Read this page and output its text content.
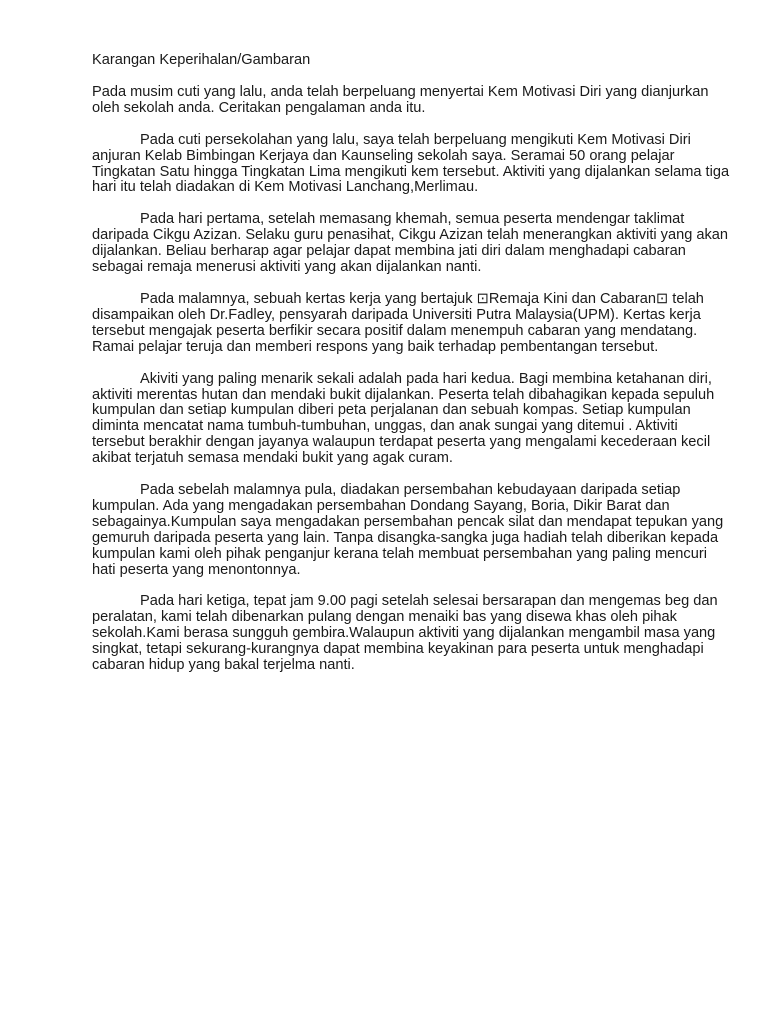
Karangan Keperihalan/Gambaran

Pada musim cuti yang lalu, anda telah berpeluang menyertai Kem Motivasi Diri yang dianjurkan oleh sekolah anda. Ceritakan pengalaman anda itu.

Pada cuti persekolahan yang lalu, saya telah berpeluang mengikuti Kem Motivasi Diri anjuran Kelab Bimbingan Kerjaya dan Kaunseling sekolah saya. Seramai 50 orang pelajar Tingkatan Satu hingga Tingkatan Lima mengikuti kem tersebut. Aktiviti yang dijalankan selama tiga hari itu telah diadakan di Kem Motivasi Lanchang,Merlimau.

Pada hari pertama, setelah memasang khemah, semua peserta mendengar taklimat daripada Cikgu Azizan. Selaku guru penasihat, Cikgu Azizan telah menerangkan aktiviti yang akan dijalankan. Beliau berharap agar pelajar dapat membina jati diri dalam menghadapi cabaran sebagai remaja menerusi aktiviti yang akan dijalankan nanti.

Pada malamnya, sebuah kertas kerja yang bertajuk ⊡Remaja Kini dan Cabaran⊡ telah disampaikan oleh Dr.Fadley, pensyarah daripada Universiti Putra Malaysia(UPM). Kertas kerja tersebut mengajak peserta berfikir secara positif dalam menempuh cabaran yang mendatang. Ramai pelajar teruja dan memberi respons yang baik terhadap pembentangan tersebut.

Akiviti yang paling menarik sekali adalah pada hari kedua. Bagi membina ketahanan diri, aktiviti merentas hutan dan mendaki bukit dijalankan. Peserta telah dibahagikan kepada sepuluh kumpulan dan setiap kumpulan diberi peta perjalanan dan sebuah kompas. Setiap kumpulan diminta mencatat nama tumbuh-tumbuhan, unggas, dan anak sungai yang ditemui . Aktiviti tersebut berakhir dengan jayanya walaupun terdapat peserta yang mengalami kecederaan kecil akibat terjatuh semasa mendaki bukit yang agak curam.

Pada sebelah malamnya pula, diadakan persembahan kebudayaan daripada setiap kumpulan. Ada yang mengadakan persembahan Dondang Sayang, Boria, Dikir Barat dan sebagainya.Kumpulan saya mengadakan persembahan pencak silat dan mendapat tepukan yang gemuruh daripada peserta yang lain. Tanpa disangka-sangka juga hadiah telah diberikan kepada kumpulan kami oleh pihak penganjur kerana telah membuat persembahan yang paling mencuri hati peserta yang menontonnya.

Pada hari ketiga, tepat jam 9.00 pagi setelah selesai bersarapan dan mengemas beg dan peralatan, kami telah dibenarkan pulang dengan menaiki bas yang disewa khas oleh pihak sekolah.Kami berasa sungguh gembira.Walaupun aktiviti yang dijalankan mengambil masa yang singkat, tetapi sekurang-kurangnya dapat membina keyakinan para peserta untuk menghadapi cabaran hidup yang bakal terjelma nanti.
